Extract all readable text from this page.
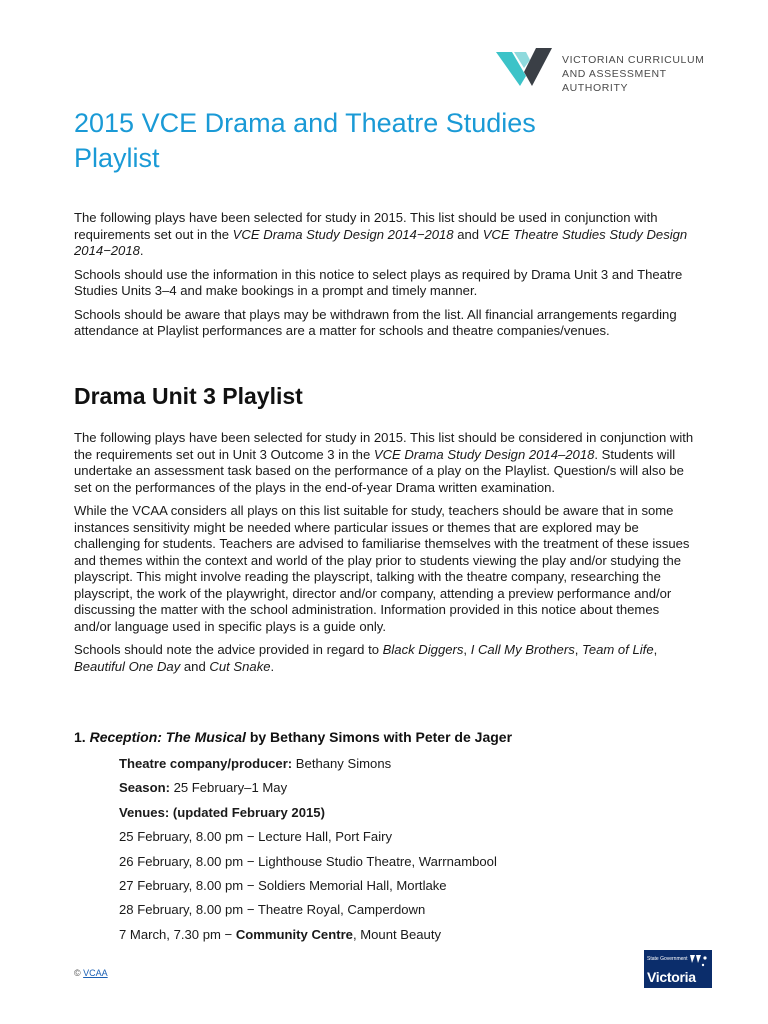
VICTORIAN CURRICULUM
AND ASSESSMENT AUTHORITY
2015 VCE Drama and Theatre Studies
Playlist

The following plays have been selected for study in 2015. This list should be used in conjunction with requirements set out in the VCE Drama Study Design 2014−2018 and VCE Theatre Studies Study Design 2014−2018.

Schools should use the information in this notice to select plays as required by Drama Unit 3 and Theatre Studies Units 3–4 and make bookings in a prompt and timely manner.

Schools should be aware that plays may be withdrawn from the list. All financial arrangements regarding attendance at Playlist performances are a matter for schools and theatre companies/venues.

Drama Unit 3 Playlist

The following plays have been selected for study in 2015. This list should be considered in conjunction with the requirements set out in Unit 3 Outcome 3 in the VCE Drama Study Design 2014–2018. Students will undertake an assessment task based on the performance of a play on the Playlist. Question/s will also be set on the performances of the plays in the end-of-year Drama written examination.

While the VCAA considers all plays on this list suitable for study, teachers should be aware that in some instances sensitivity might be needed where particular issues or themes that are explored may be challenging for students. Teachers are advised to familiarise themselves with the treatment of these issues and themes within the context and world of the play prior to students viewing the play and/or studying the playscript. This might involve reading the playscript, talking with the theatre company, researching the playscript, the work of the playwright, director and/or company, attending a preview performance and/or discussing the matter with the school administration. Information provided in this notice about themes and/or language used in specific plays is a guide only.

Schools should note the advice provided in regard to Black Diggers, I Call My Brothers, Team of Life, Beautiful One Day and Cut Snake.

1. Reception: The Musical by Bethany Simons with Peter de Jager
Theatre company/producer: Bethany Simons
Season: 25 February–1 May
Venues: (updated February 2015)
25 February, 8.00 pm − Lecture Hall, Port Fairy
26 February, 8.00 pm − Lighthouse Studio Theatre, Warrnambool
27 February, 8.00 pm − Soldiers Memorial Hall, Mortlake
28 February, 8.00 pm − Theatre Royal, Camperdown
7 March, 7.30 pm − Community Centre, Mount Beauty
© VCAA
State Government
Victoria
